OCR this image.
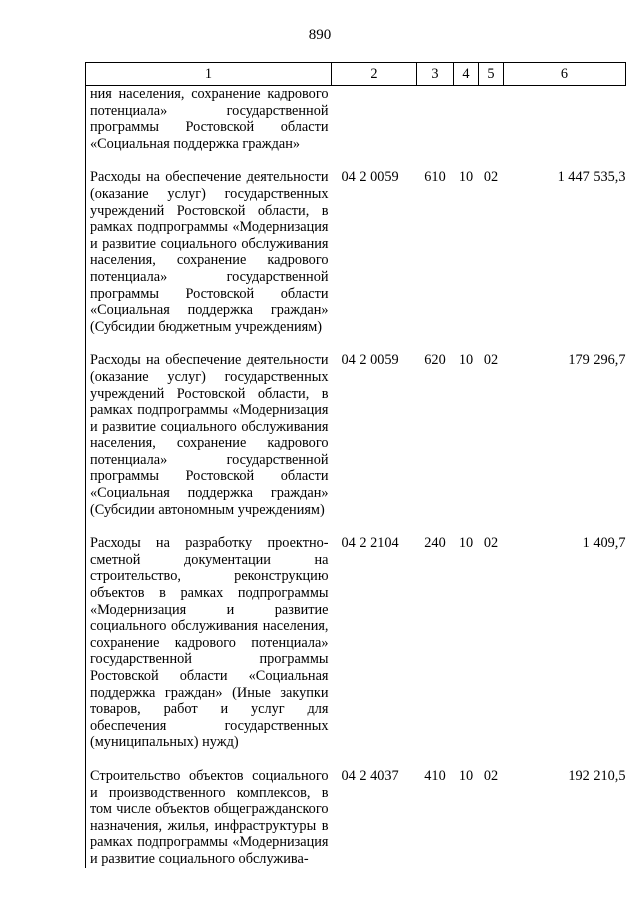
890
1	2	3	4	5	6
ния населения, сохранение кадрового потенциала» государственной программы Ростовской области «Социальная поддержка граждан»					

Расходы на обеспечение деятельности (оказание услуг) государственных учреждений Ростовской области, в рамках подпрограммы «Модернизация и развитие социального обслуживания населения, сохранение кадрового потенциала» государственной программы Ростовской области «Социальная поддержка граждан» (Субсидии бюджетным учреждениям)	04 2 0059	610	10	02	1 447 535,3

Расходы на обеспечение деятельности (оказание услуг) государственных учреждений Ростовской области, в рамках подпрограммы «Модернизация и развитие социального обслуживания населения, сохранение кадрового потенциала» государственной программы Ростовской области «Социальная поддержка граждан» (Субсидии автономным учреждениям)	04 2 0059	620	10	02	179 296,7

Расходы на разработку проектно-сметной документации на строительство, реконструкцию объектов в рамках подпрограммы «Модернизация и развитие социального обслуживания населения, сохранение кадрового потенциала» государственной программы Ростовской области «Социальная поддержка граждан» (Иные закупки товаров, работ и услуг для обеспечения государственных (муниципальных) нужд)	04 2 2104	240	10	02	1 409,7

Строительство объектов социального и производственного комплексов, в том числе объектов общегражданского назначения, жилья, инфраструктуры в рамках подпрограммы «Модернизация и развитие социального обслужива-	04 2 4037	410	10	02	192 210,5
